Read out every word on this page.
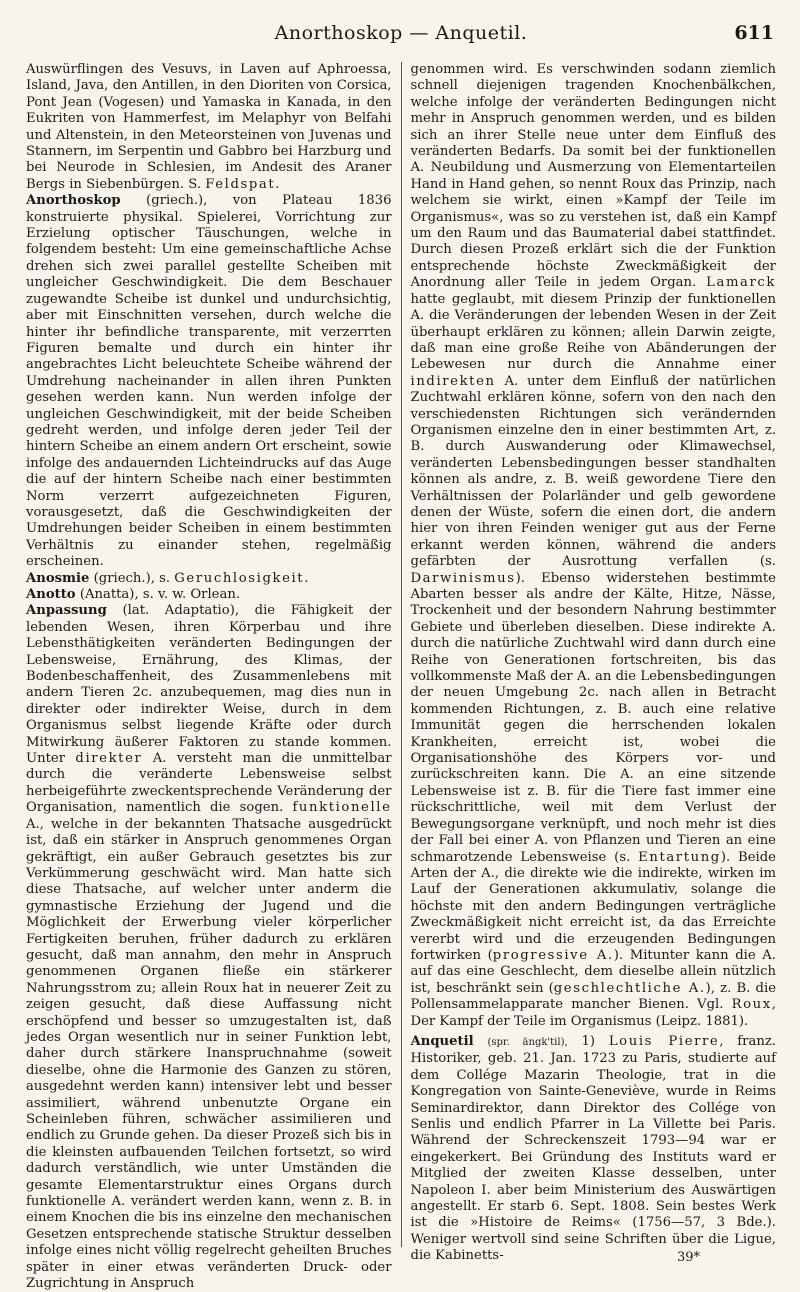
Anorthoskop — Anquetil.	611

Auswürflingen des Vesuvs, in Laven auf Aphroessa, Island, Java, den Antillen, in den Dioriten von Corsica, Pont Jean (Vogesen) und Yamaska in Kanada, in den Eukriten von Hammerfest, im Melaphyr von Belfahi und Altenstein, in den Meteorsteinen von Juvenas und Stannern, im Serpentin und Gabbro bei Harzburg und bei Neurode in Schlesien, im Andesit des Araner Bergs in Siebenbürgen. S. Feldspat.

Anorthoskop (griech.), von Plateau 1836 konstruierte physikal. Spielerei, Vorrichtung zur Erzielung optischer Täuschungen, welche in folgendem besteht: Um eine gemeinschaftliche Achse drehen sich zwei parallel gestellte Scheiben mit ungleicher Geschwindigkeit. Die dem Beschauer zugewandte Scheibe ist dunkel und undurchsichtig, aber mit Einschnitten versehen, durch welche die hinter ihr befindliche transparente, mit verzerrten Figuren bemalte und durch ein hinter ihr angebrachtes Licht beleuchtete Scheibe während der Umdrehung nacheinander in allen ihren Punkten gesehen werden kann. Nun werden infolge der ungleichen Geschwindigkeit, mit der beide Scheiben gedreht werden, und infolge deren jeder Teil der hintern Scheibe an einem andern Ort erscheint, sowie infolge des andauernden Lichteindrucks auf das Auge die auf der hintern Scheibe nach einer bestimmten Norm verzerrt aufgezeichneten Figuren, vorausgesetzt, daß die Geschwindigkeiten der Umdrehungen beider Scheiben in einem bestimmten Verhältnis zu einander stehen, regelmäßig erscheinen.

Anosmie (griech.), s. Geruchlosigkeit.

Anotto (Anatta), s. v. w. Orlean.

Anpassung (lat. Adaptatio), die Fähigkeit der lebenden Wesen, ihren Körperbau und ihre Lebensthätigkeiten veränderten Bedingungen der Lebensweise, Ernährung, des Klimas, der Bodenbeschaffenheit, des Zusammenlebens mit andern Tieren 2c. anzubequemen, mag dies nun in direkter oder indirekter Weise, durch in dem Organismus selbst liegende Kräfte oder durch Mitwirkung äußerer Faktoren zu stande kommen. Unter direkter A. versteht man die unmittelbar durch die veränderte Lebensweise selbst herbeigeführte zweckentsprechende Veränderung der Organisation, namentlich die sogen. funktionelle A., welche in der bekannten Thatsache ausgedrückt ist, daß ein stärker in Anspruch genommenes Organ gekräftigt, ein außer Gebrauch gesetztes bis zur Verkümmerung geschwächt wird. Man hatte sich diese Thatsache, auf welcher unter anderm die gymnastische Erziehung der Jugend und die Möglichkeit der Erwerbung vieler körperlicher Fertigkeiten beruhen, früher dadurch zu erklären gesucht, daß man annahm, den mehr in Anspruch genommenen Organen fließe ein stärkerer Nahrungsstrom zu; allein Roux hat in neuerer Zeit zu zeigen gesucht, daß diese Auffassung nicht erschöpfend und besser so umzugestalten ist, daß jedes Organ wesentlich nur in seiner Funktion lebt, daher durch stärkere Inanspruchnahme (soweit dieselbe, ohne die Harmonie des Ganzen zu stören, ausgedehnt werden kann) intensiver lebt und besser assimiliert, während unbenutzte Organe ein Scheinleben führen, schwächer assimilieren und endlich zu Grunde gehen. Da dieser Prozeß sich bis in die kleinsten aufbauenden Teilchen fortsetzt, so wird dadurch verständlich, wie unter Umständen die gesamte Elementarstruktur eines Organs durch funktionelle A. verändert werden kann, wenn z. B. in einem Knochen die bis ins einzelne den mechanischen Gesetzen entsprechende statische Struktur desselben infolge eines nicht völlig regelrecht geheilten Bruches später in einer etwas veränderten Druck- oder Zugrichtung in Anspruch

genommen wird. Es verschwinden sodann ziemlich schnell diejenigen tragenden Knochenbälkchen, welche infolge der veränderten Bedingungen nicht mehr in Anspruch genommen werden, und es bilden sich an ihrer Stelle neue unter dem Einfluß des veränderten Bedarfs. Da somit bei der funktionellen A. Neubildung und Ausmerzung von Elementarteilen Hand in Hand gehen, so nennt Roux das Prinzip, nach welchem sie wirkt, einen »Kampf der Teile im Organismus«, was so zu verstehen ist, daß ein Kampf um den Raum und das Baumaterial dabei stattfindet. Durch diesen Prozeß erklärt sich die der Funktion entsprechende höchste Zweckmäßigkeit der Anordnung aller Teile in jedem Organ. Lamarck hatte geglaubt, mit diesem Prinzip der funktionellen A. die Veränderungen der lebenden Wesen in der Zeit überhaupt erklären zu können; allein Darwin zeigte, daß man eine große Reihe von Abänderungen der Lebewesen nur durch die Annahme einer indirekten A. unter dem Einfluß der natürlichen Zuchtwahl erklären könne, sofern von den nach den verschiedensten Richtungen sich verändernden Organismen einzelne den in einer bestimmten Art, z. B. durch Auswanderung oder Klimawechsel, veränderten Lebensbedingungen besser standhalten können als andre, z. B. weiß gewordene Tiere den Verhältnissen der Polarländer und gelb gewordene denen der Wüste, sofern die einen dort, die andern hier von ihren Feinden weniger gut aus der Ferne erkannt werden können, während die anders gefärbten der Ausrottung verfallen (s. Darwinismus). Ebenso widerstehen bestimmte Abarten besser als andre der Kälte, Hitze, Nässe, Trockenheit und der besondern Nahrung bestimmter Gebiete und überleben dieselben. Diese indirekte A. durch die natürliche Zuchtwahl wird dann durch eine Reihe von Generationen fortschreiten, bis das vollkommenste Maß der A. an die Lebensbedingungen der neuen Umgebung 2c. nach allen in Betracht kommenden Richtungen, z. B. auch eine relative Immunität gegen die herrschenden lokalen Krankheiten, erreicht ist, wobei die Organisationshöhe des Körpers vor- und zurückschreiten kann. Die A. an eine sitzende Lebensweise ist z. B. für die Tiere fast immer eine rückschrittliche, weil mit dem Verlust der Bewegungsorgane verknüpft, und noch mehr ist dies der Fall bei einer A. von Pflanzen und Tieren an eine schmarotzende Lebensweise (s. Entartung). Beide Arten der A., die direkte wie die indirekte, wirken im Lauf der Generationen akkumulativ, solange die höchste mit den andern Bedingungen verträgliche Zweckmäßigkeit nicht erreicht ist, da das Erreichte vererbt wird und die erzeugenden Bedingungen fortwirken (progressive A.). Mitunter kann die A. auf das eine Geschlecht, dem dieselbe allein nützlich ist, beschränkt sein (geschlechtliche A.), z. B. die Pollensammelapparate mancher Bienen. Vgl. Roux, Der Kampf der Teile im Organismus (Leipz. 1881).

Anquetil (spr. ängk'til), 1) Louis Pierre, franz. Historiker, geb. 21. Jan. 1723 zu Paris, studierte auf dem Collége Mazarin Theologie, trat in die Kongregation von Sainte-Geneviève, wurde in Reims Seminardirektor, dann Direktor des Collége von Senlis und endlich Pfarrer in La Villette bei Paris. Während der Schreckenszeit 1793—94 war er eingekerkert. Bei Gründung des Instituts ward er Mitglied der zweiten Klasse desselben, unter Napoleon I. aber beim Ministerium des Auswärtigen angestellt. Er starb 6. Sept. 1808. Sein bestes Werk ist die »Histoire de Reims« (1756—57, 3 Bde.). Weniger wertvoll sind seine Schriften über die Ligue, die Kabinetts-	39*
